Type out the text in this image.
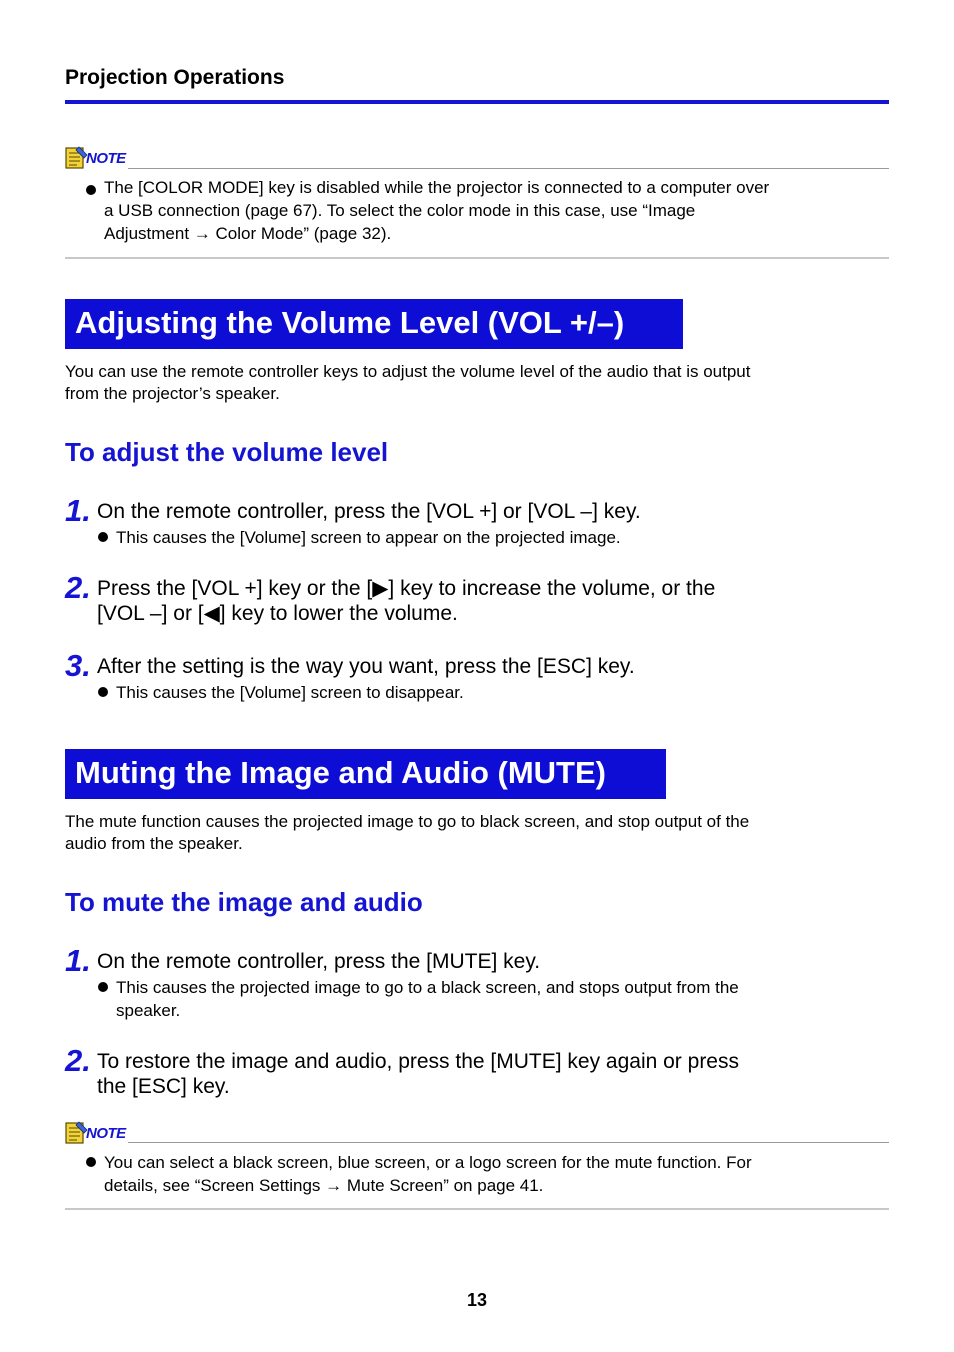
Projection Operations
NOTE
The [COLOR MODE] key is disabled while the projector is connected to a computer over
a USB connection (page 67). To select the color mode in this case, use “Image
Adjustment → Color Mode” (page 32).
Adjusting the Volume Level (VOL +/–)
You can use the remote controller keys to adjust the volume level of the audio that is output
from the projector’s speaker.
To adjust the volume level
1. On the remote controller, press the [VOL +] or [VOL –] key.
This causes the [Volume] screen to appear on the projected image.
2. Press the [VOL +] key or the [▶] key to increase the volume, or the
[VOL –] or [◀] key to lower the volume.
3. After the setting is the way you want, press the [ESC] key.
This causes the [Volume] screen to disappear.
Muting the Image and Audio (MUTE)
The mute function causes the projected image to go to black screen, and stop output of the
audio from the speaker.
To mute the image and audio
1. On the remote controller, press the [MUTE] key.
This causes the projected image to go to a black screen, and stops output from the
speaker.
2. To restore the image and audio, press the [MUTE] key again or press
the [ESC] key.
NOTE
You can select a black screen, blue screen, or a logo screen for the mute function. For
details, see “Screen Settings → Mute Screen” on page 41.
13
